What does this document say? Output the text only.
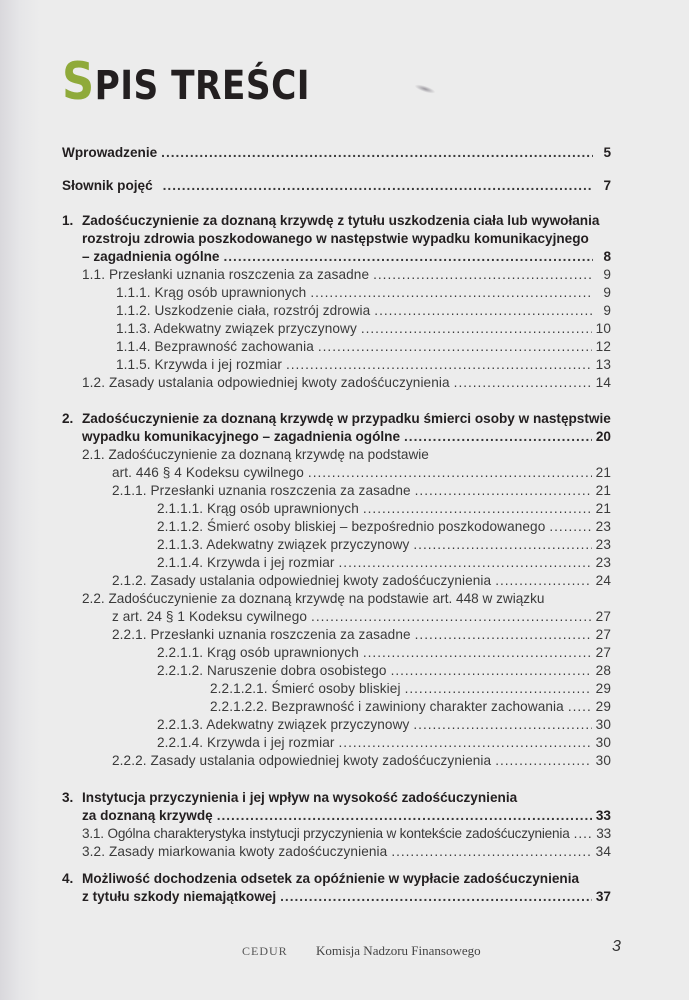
SPIS TREŚCI
Wprowadzenie .....	5
Słownik pojęć .....	7
1. Zadośćuczynienie za doznaną krzywdę z tytułu uszkodzenia ciała lub wywołania
rozstroju zdrowia poszkodowanego w następstwie wypadku komunikacyjnego
– zagadnienia ogólne .....	8
1.1. Przesłanki uznania roszczenia za zasadne .....	9
1.1.1. Krąg osób uprawnionych .....	9
1.1.2. Uszkodzenie ciała, rozstrój zdrowia .....	9
1.1.3. Adekwatny związek przyczynowy .....	10
1.1.4. Bezprawność zachowania .....	12
1.1.5. Krzywda i jej rozmiar .....	13
1.2. Zasady ustalania odpowiedniej kwoty zadośćuczynienia .....	14
2. Zadośćuczynienie za doznaną krzywdę w przypadku śmierci osoby w następstwie
wypadku komunikacyjnego – zagadnienia ogólne .....	20
2.1. Zadośćuczynienie za doznaną krzywdę na podstawie
art. 446 § 4 Kodeksu cywilnego .....	21
2.1.1. Przesłanki uznania roszczenia za zasadne .....	21
2.1.1.1. Krąg osób uprawnionych .....	21
2.1.1.2. Śmierć osoby bliskiej – bezpośrednio poszkodowanego .....	23
2.1.1.3. Adekwatny związek przyczynowy .....	23
2.1.1.4. Krzywda i jej rozmiar .....	23
2.1.2. Zasady ustalania odpowiedniej kwoty zadośćuczynienia .....	24
2.2. Zadośćuczynienie za doznaną krzywdę na podstawie art. 448 w związku
z art. 24 § 1 Kodeksu cywilnego .....	27
2.2.1. Przesłanki uznania roszczenia za zasadne .....	27
2.2.1.1. Krąg osób uprawnionych .....	27
2.2.1.2. Naruszenie dobra osobistego .....	28
2.2.1.2.1. Śmierć osoby bliskiej .....	29
2.2.1.2.2. Bezprawność i zawiniony charakter zachowania ..... 29
2.2.1.3. Adekwatny związek przyczynowy .....	30
2.2.1.4. Krzywda i jej rozmiar .....	30
2.2.2. Zasady ustalania odpowiedniej kwoty zadośćuczynienia .....	30
3. Instytucja przyczynienia i jej wpływ na wysokość zadośćuczynienia
za doznaną krzywdę .....	33
3.1. Ogólna charakterystyka instytucji przyczynienia w kontekście zadośćuczynienia ..... 33
3.2. Zasady miarkowania kwoty zadośćuczynienia .....	34
4. Możliwość dochodzenia odsetek za opóźnienie w wypłacie zadośćuczynienia
z tytułu szkody niemajątkowej .....	37
CEDUR Komisja Nadzoru Finansowego	3
